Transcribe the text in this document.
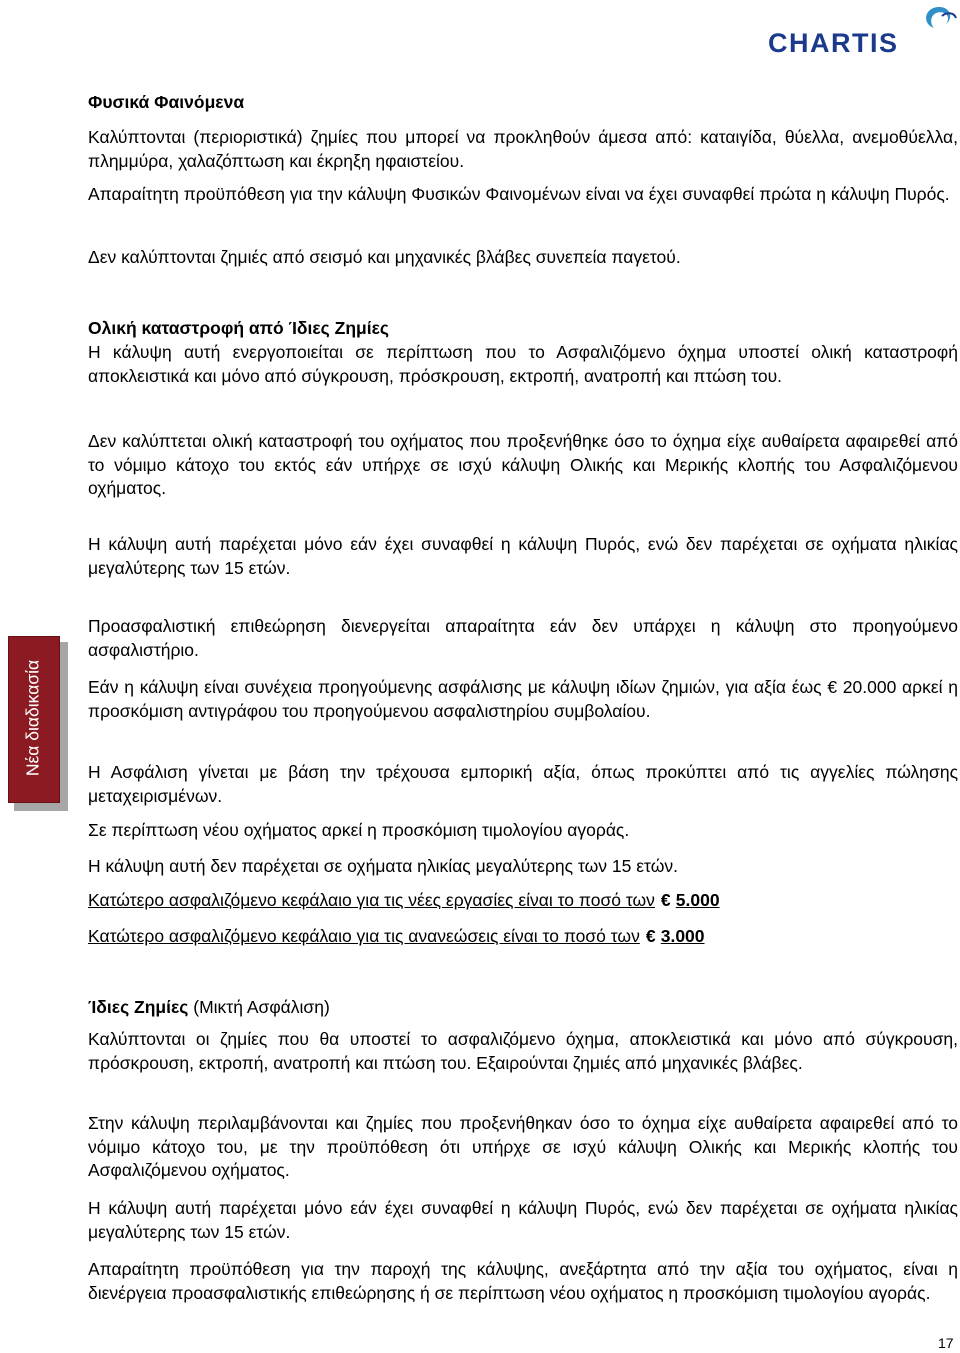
CHARTIS
Νέα διαδικασία
Φυσικά Φαινόμενα
Καλύπτονται (περιοριστικά) ζημίες που μπορεί να προκληθούν άμεσα από: καταιγίδα, θύελλα, ανεμοθύελλα, πλημμύρα, χαλαζόπτωση και έκρηξη ηφαιστείου.
Απαραίτητη προϋπόθεση για την κάλυψη Φυσικών Φαινομένων είναι να έχει συναφθεί πρώτα η κάλυψη Πυρός.
Δεν καλύπτονται ζημιές από σεισμό και μηχανικές βλάβες συνεπεία παγετού.
Ολική καταστροφή από Ίδιες Ζημίες
Η κάλυψη αυτή ενεργοποιείται σε περίπτωση που το Ασφαλιζόμενο όχημα υποστεί ολική καταστροφή αποκλειστικά και μόνο από σύγκρουση, πρόσκρουση, εκτροπή, ανατροπή και πτώση του.
Δεν καλύπτεται ολική καταστροφή του οχήματος που προξενήθηκε όσο το όχημα είχε αυθαίρετα αφαιρεθεί από το νόμιμο κάτοχο του εκτός εάν υπήρχε σε ισχύ κάλυψη Ολικής και Μερικής κλοπής του Ασφαλιζόμενου οχήματος.
Η κάλυψη αυτή παρέχεται μόνο εάν έχει συναφθεί η κάλυψη Πυρός, ενώ δεν παρέχεται σε οχήματα ηλικίας μεγαλύτερης των 15 ετών.
Προασφαλιστική επιθεώρηση διενεργείται απαραίτητα εάν δεν υπάρχει η κάλυψη στο προηγούμενο ασφαλιστήριο.
Εάν η κάλυψη είναι συνέχεια προηγούμενης ασφάλισης με κάλυψη ιδίων ζημιών, για αξία έως € 20.000 αρκεί η προσκόμιση αντιγράφου του προηγούμενου ασφαλιστηρίου συμβολαίου.
Η Ασφάλιση γίνεται με βάση την τρέχουσα εμπορική αξία, όπως προκύπτει από τις αγγελίες πώλησης μεταχειρισμένων.
Σε περίπτωση νέου οχήματος αρκεί η προσκόμιση τιμολογίου αγοράς.
Η κάλυψη αυτή δεν παρέχεται σε οχήματα ηλικίας μεγαλύτερης των 15 ετών.
Κατώτερο ασφαλιζόμενο κεφάλαιο για τις νέες εργασίες είναι το ποσό των € 5.000
Κατώτερο ασφαλιζόμενο κεφάλαιο για τις ανανεώσεις είναι το ποσό των € 3.000
Ίδιες Ζημίες (Μικτή Ασφάλιση)
Καλύπτονται οι ζημίες που θα υποστεί το ασφαλιζόμενο όχημα, αποκλειστικά και μόνο από σύγκρουση, πρόσκρουση, εκτροπή, ανατροπή και πτώση του. Εξαιρούνται ζημιές από μηχανικές βλάβες.
Στην κάλυψη περιλαμβάνονται και ζημίες που προξενήθηκαν όσο το όχημα είχε αυθαίρετα αφαιρεθεί από το νόμιμο κάτοχο του, με την προϋπόθεση ότι υπήρχε σε ισχύ κάλυψη Ολικής και Μερικής κλοπής του Ασφαλιζόμενου οχήματος.
Η κάλυψη αυτή παρέχεται μόνο εάν έχει συναφθεί η κάλυψη Πυρός, ενώ δεν παρέχεται σε οχήματα ηλικίας μεγαλύτερης των 15 ετών.
Απαραίτητη προϋπόθεση για την παροχή της κάλυψης, ανεξάρτητα από την αξία του οχήματος, είναι η διενέργεια προασφαλιστικής επιθεώρησης ή σε περίπτωση νέου οχήματος η προσκόμιση τιμολογίου αγοράς.
17
